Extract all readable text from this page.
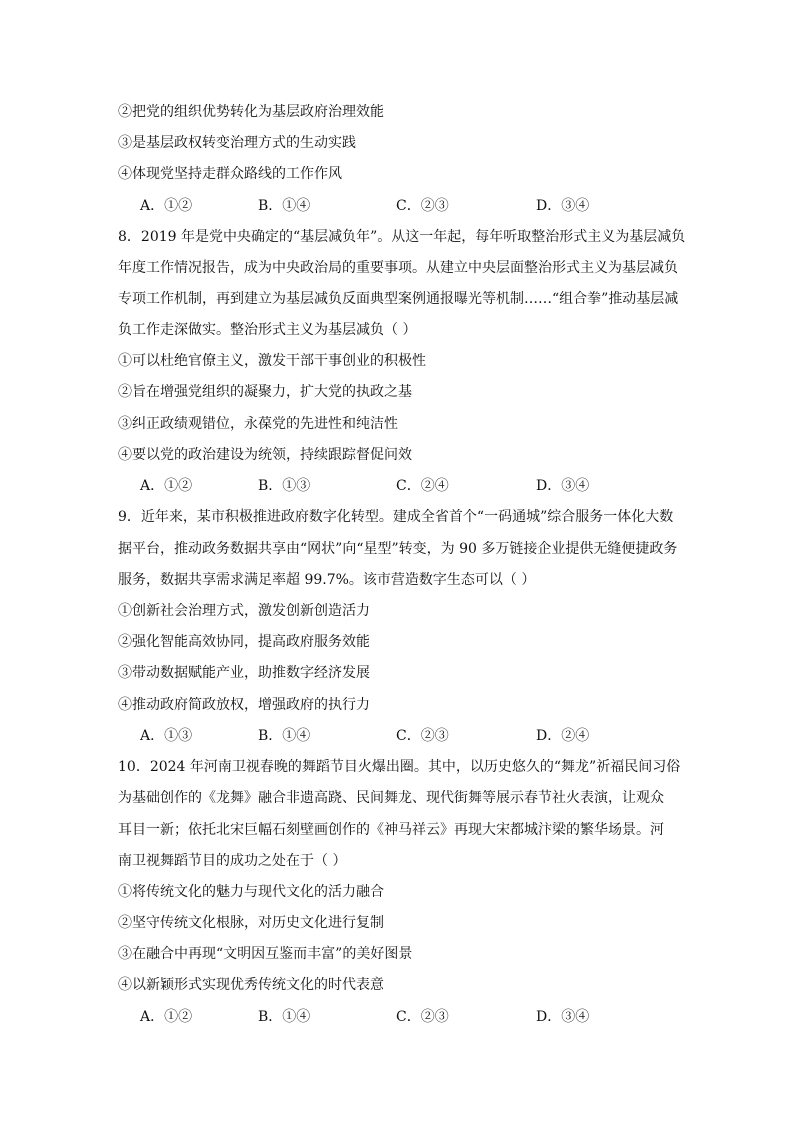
②把党的组织优势转化为基层政府治理效能
③是基层政权转变治理方式的生动实践
④体现党坚持走群众路线的工作作风
A．①②	B．①④	C．②③	D．③④
8．2019 年是党中央确定的“基层减负年”。从这一年起，每年听取整治形式主义为基层减负
年度工作情况报告，成为中央政治局的重要事项。从建立中央层面整治形式主义为基层减负
专项工作机制，再到建立为基层减负反面典型案例通报曝光等机制……“组合拳”推动基层减
负工作走深做实。整治形式主义为基层减负（ ）
①可以杜绝官僚主义，激发干部干事创业的积极性
②旨在增强党组织的凝聚力，扩大党的执政之基
③纠正政绩观错位，永葆党的先进性和纯洁性
④要以党的政治建设为统领，持续跟踪督促问效
A．①②	B．①③	C．②④	D．③④
9．近年来，某市积极推进政府数字化转型。建成全省首个“一码通城”综合服务一体化大数
据平台，推动政务数据共享由“网状”向“星型”转变，为 90 多万链接企业提供无缝便捷政务
服务，数据共享需求满足率超 99.7%。该市营造数字生态可以（ ）
①创新社会治理方式，激发创新创造活力
②强化智能高效协同，提高政府服务效能
③带动数据赋能产业，助推数字经济发展
④推动政府简政放权，增强政府的执行力
A．①③	B．①④	C．②③	D．②④
10．2024 年河南卫视春晚的舞蹈节目火爆出圈。其中，以历史悠久的“舞龙”祈福民间习俗
为基础创作的《龙舞》融合非遗高跷、民间舞龙、现代街舞等展示春节社火表演，让观众
耳目一新；依托北宋巨幅石刻壁画创作的《神马祥云》再现大宋都城汴梁的繁华场景。河
南卫视舞蹈节目的成功之处在于（ ）
①将传统文化的魅力与现代文化的活力融合
②坚守传统文化根脉，对历史文化进行复制
③在融合中再现“文明因互鉴而丰富”的美好图景
④以新颖形式实现优秀传统文化的时代表意
A．①②	B．①④	C．②③	D．③④
